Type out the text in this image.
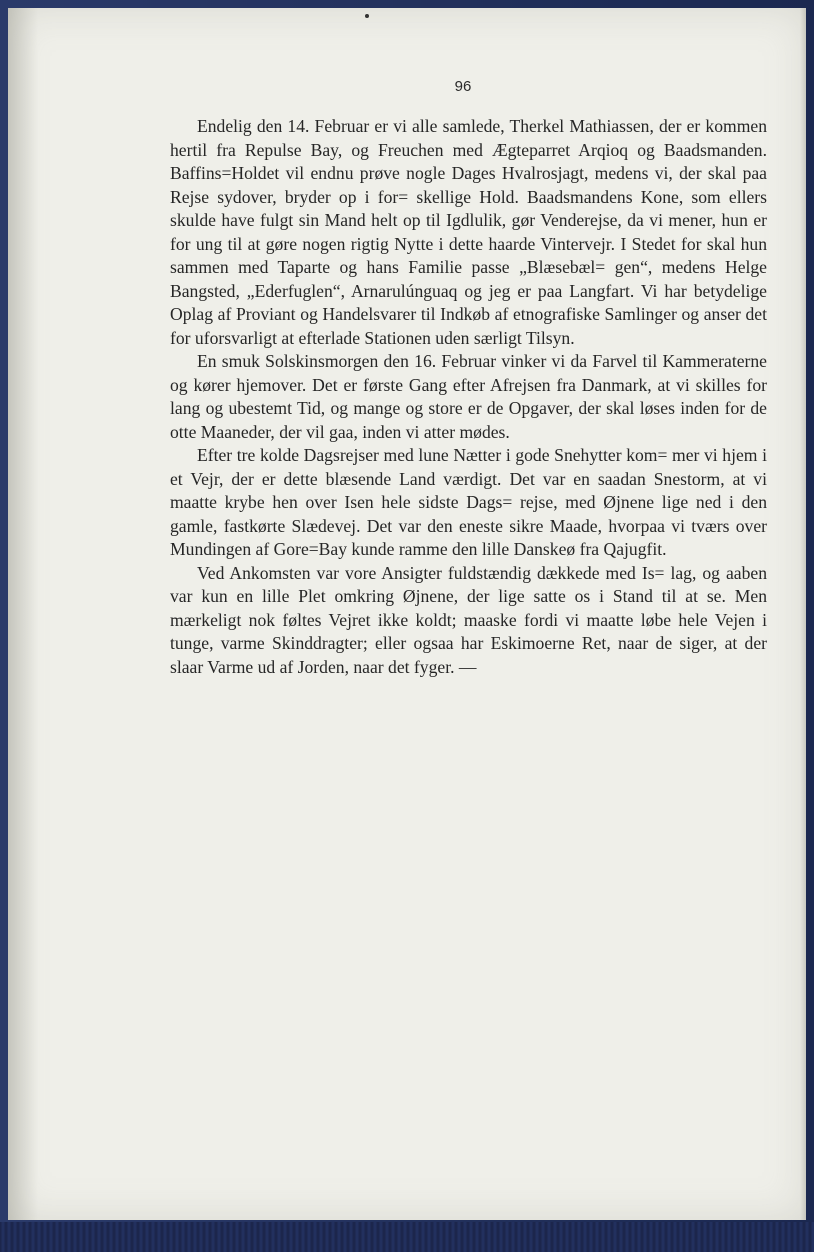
96

Endelig den 14. Februar er vi alle samlede, Therkel Mathiassen, der er kommen hertil fra Repulse Bay, og Freuchen med Ægteparret Arqioq og Baadsmanden. Baffins=Holdet vil endnu prøve nogle Dages Hvalrosjagt, medens vi, der skal paa Rejse sydover, bryder op i for= skellige Hold. Baadsmandens Kone, som ellers skulde have fulgt sin Mand helt op til Igdlulik, gør Venderejse, da vi mener, hun er for ung til at gøre nogen rigtig Nytte i dette haarde Vintervejr. I Stedet for skal hun sammen med Taparte og hans Familie passe „Blæsebæl= gen“, medens Helge Bangsted, „Ederfuglen“, Arnarulúnguaq og jeg er paa Langfart. Vi har betydelige Oplag af Proviant og Handelsvarer til Indkøb af etnografiske Samlinger og anser det for uforsvarligt at efterlade Stationen uden særligt Tilsyn.

En smuk Solskinsmorgen den 16. Februar vinker vi da Farvel til Kammeraterne og kører hjemover. Det er første Gang efter Afrejsen fra Danmark, at vi skilles for lang og ubestemt Tid, og mange og store er de Opgaver, der skal løses inden for de otte Maaneder, der vil gaa, inden vi atter mødes.

Efter tre kolde Dagsrejser med lune Nætter i gode Snehytter kom= mer vi hjem i et Vejr, der er dette blæsende Land værdigt. Det var en saadan Snestorm, at vi maatte krybe hen over Isen hele sidste Dags= rejse, med Øjnene lige ned i den gamle, fastkørte Slædevej. Det var den eneste sikre Maade, hvorpaa vi tværs over Mundingen af Gore=Bay kunde ramme den lille Danskeø fra Qajugfit.

Ved Ankomsten var vore Ansigter fuldstændig dækkede med Is= lag, og aaben var kun en lille Plet omkring Øjnene, der lige satte os i Stand til at se. Men mærkeligt nok føltes Vejret ikke koldt; maaske fordi vi maatte løbe hele Vejen i tunge, varme Skinddragter; eller ogsaa har Eskimoerne Ret, naar de siger, at der slaar Varme ud af Jorden, naar det fyger. —
